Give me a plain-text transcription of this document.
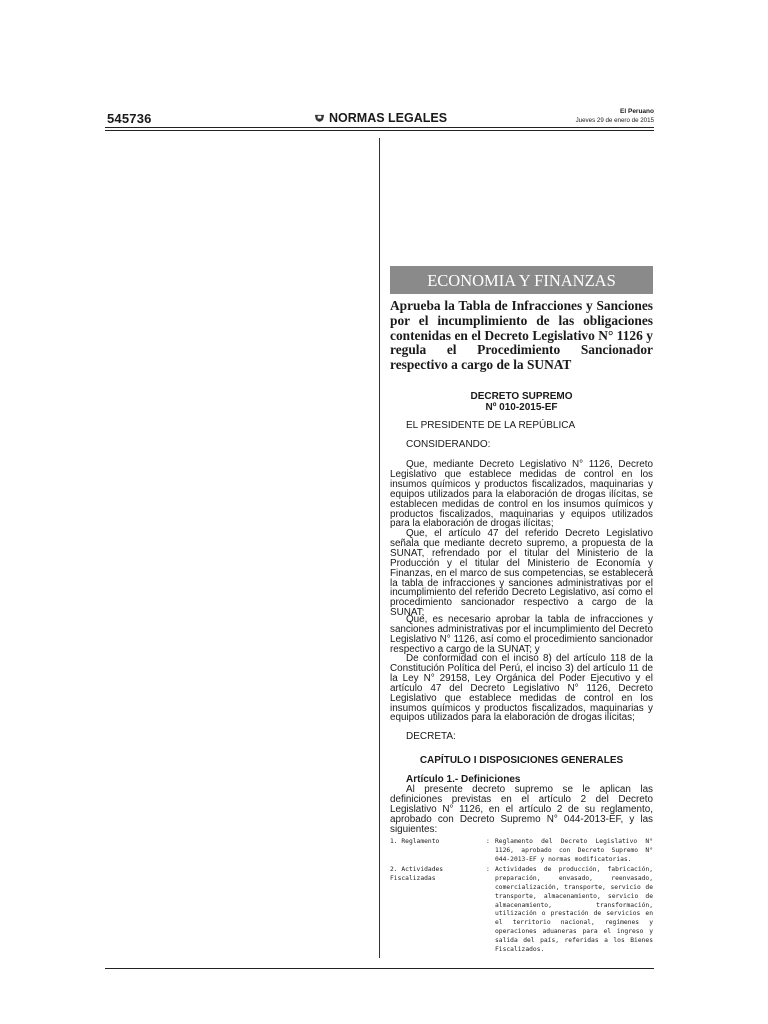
545736	NORMAS LEGALES	El Peruano
Jueves 29 de enero de 2015
ECONOMIA Y FINANZAS
Aprueba la Tabla de Infracciones y Sanciones por el incumplimiento de las obligaciones contenidas en el Decreto Legislativo N° 1126 y regula el Procedimiento Sancionador respectivo a cargo de la SUNAT
DECRETO SUPREMO
Nº 010-2015-EF
EL PRESIDENTE DE LA REPÚBLICA
CONSIDERANDO:
Que, mediante Decreto Legislativo N° 1126, Decreto Legislativo que establece medidas de control en los insumos químicos y productos fiscalizados, maquinarias y equipos utilizados para la elaboración de drogas ilícitas, se establecen medidas de control en los insumos químicos y productos fiscalizados, maquinarias y equipos utilizados para la elaboración de drogas ilícitas;
Que, el artículo 47 del referido Decreto Legislativo señala que mediante decreto supremo, a propuesta de la SUNAT, refrendado por el titular del Ministerio de la Producción y el titular del Ministerio de Economía y Finanzas, en el marco de sus competencias, se establecerá la tabla de infracciones y sanciones administrativas por el incumplimiento del referido Decreto Legislativo, así como el procedimiento sancionador respectivo a cargo de la SUNAT;
Que, es necesario aprobar la tabla de infracciones y sanciones administrativas por el incumplimiento del Decreto Legislativo N° 1126, así como el procedimiento sancionador respectivo a cargo de la SUNAT; y
De conformidad con el inciso 8) del artículo 118 de la Constitución Política del Perú, el inciso 3) del artículo 11 de la Ley N° 29158, Ley Orgánica del Poder Ejecutivo y el artículo 47 del Decreto Legislativo N° 1126, Decreto Legislativo que establece medidas de control en los insumos químicos y productos fiscalizados, maquinarias y equipos utilizados para la elaboración de drogas ilícitas;
DECRETA:
CAPÍTULO I DISPOSICIONES GENERALES
Artículo 1.- Definiciones
Al presente decreto supremo se le aplican las definiciones previstas en el artículo 2 del Decreto Legislativo N° 1126, en el artículo 2 de su reglamento, aprobado con Decreto Supremo N° 044-2013-EF, y las siguientes:
1. Reglamento	: Reglamento del Decreto Legislativo N° 1126, aprobado con Decreto Supremo N° 044-2013-EF y normas modificatorias.
2. Actividades Fiscalizadas
: Actividades de producción, fabricación, preparación, envasado, reenvasado, comercialización, transporte, servicio de transporte, almacenamiento, servicio de almacenamiento, transformación, utilización o prestación de servicios en el territorio nacional, regímenes y operaciones aduaneras para el ingreso y salida del país, referidas a los Bienes Fiscalizados.
